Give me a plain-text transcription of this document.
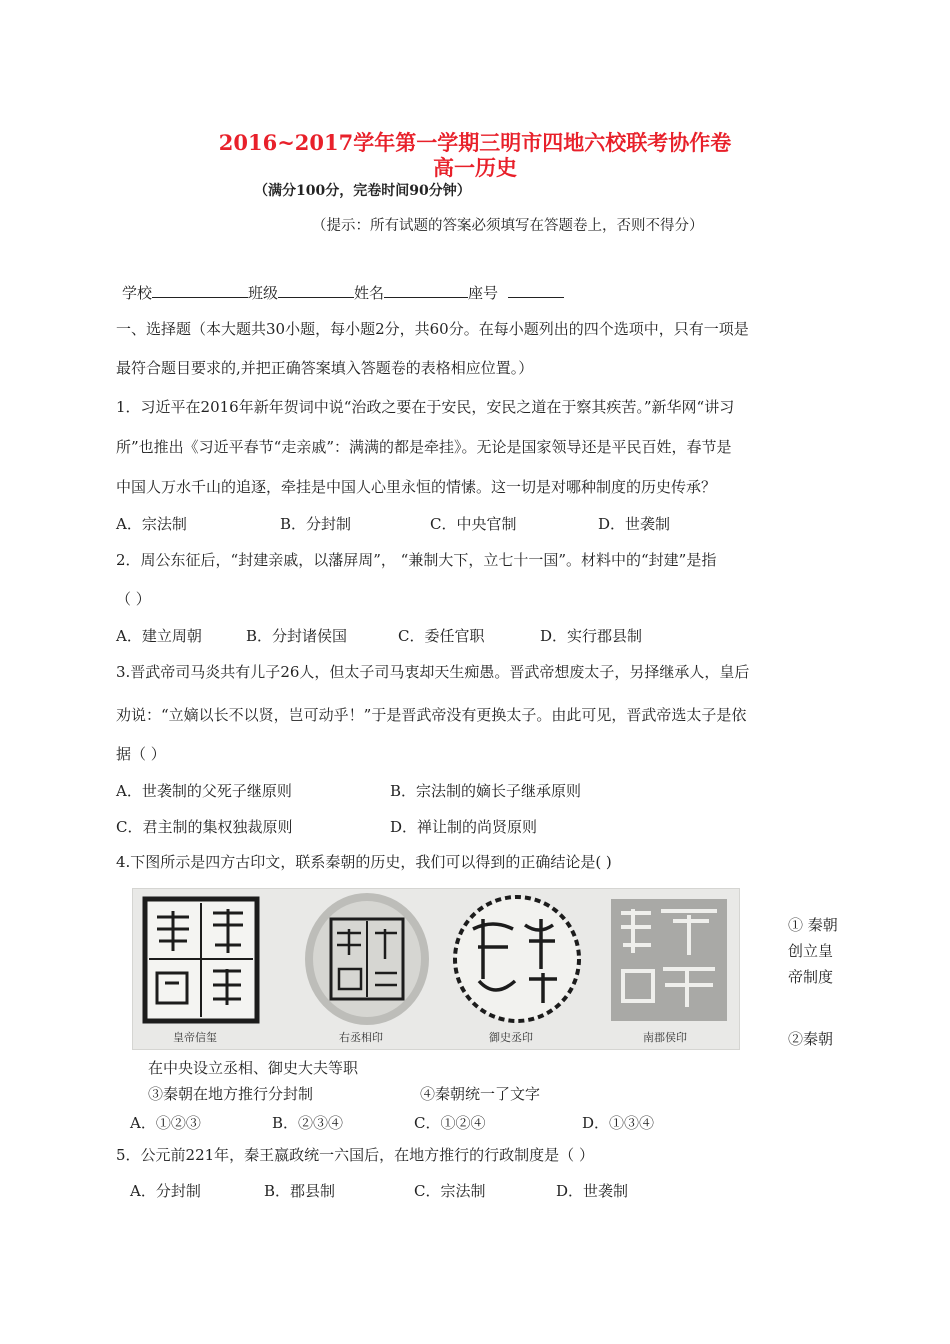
2016~2017学年第一学期三明市四地六校联考协作卷
高一历史
（满分100分，完卷时间90分钟）
（提示：所有试题的答案必须填写在答题卷上，否则不得分）
学校	班级	姓名	座号
一、选择题（本大题共30小题，每小题2分，共60分。在每小题列出的四个选项中，只有一项是
最符合题目要求的,并把正确答案填入答题卷的表格相应位置。）
1．习近平在2016年新年贺词中说“治政之要在于安民，安民之道在于察其疾苦。”新华网“讲习
所”也推出《习近平春节“走亲戚”：满满的都是牵挂》。无论是国家领导还是平民百姓，春节是
中国人万水千山的追逐，牵挂是中国人心里永恒的情愫。这一切是对哪种制度的历史传承？
A．宗法制	B．分封制	C．中央官制	D．世袭制
2．周公东征后，“封建亲戚，以藩屏周”， “兼制大下，立七十一国”。材料中的“封建”是指
（ ）
A．建立周朝	B．分封诸侯国	C．委任官职	D．实行郡县制
3.晋武帝司马炎共有儿子26人，但太子司马衷却天生痴愚。晋武帝想废太子，另择继承人，皇后
劝说：“立嫡以长不以贤，岂可动乎！”于是晋武帝没有更换太子。由此可见，晋武帝选太子是依
据（ ）
A．世袭制的父死子继原则	B．宗法制的嫡长子继承原则
C．君主制的集权独裁原则	D．禅让制的尚贤原则
4.下图所示是四方古印文，联系秦朝的历史，我们可以得到的正确结论是( )
皇帝信玺	右丞相印	御史丞印	南郡侯印
① 秦朝创立皇帝制度
②秦朝
在中央设立丞相、御史大夫等职
③秦朝在地方推行分封制	④秦朝统一了文字
A．①②③	B．②③④	C．①②④	D．①③④
5．公元前221年，秦王嬴政统一六国后，在地方推行的行政制度是（ ）
A．分封制	B．郡县制	C．宗法制	D．世袭制
